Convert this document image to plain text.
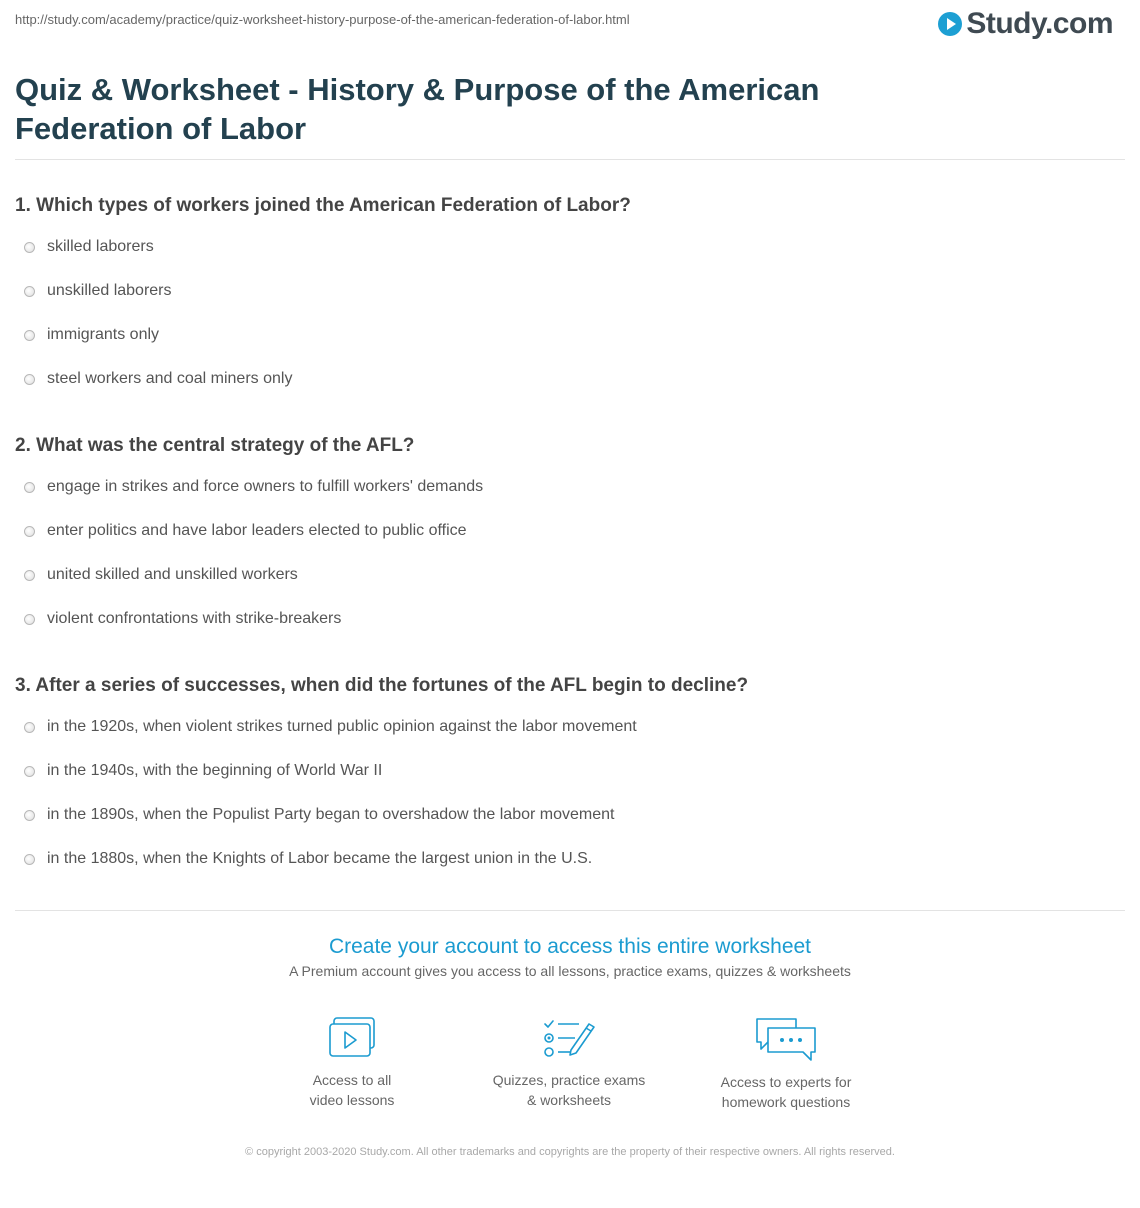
http://study.com/academy/practice/quiz-worksheet-history-purpose-of-the-american-federation-of-labor.html	Study.com
Quiz & Worksheet - History & Purpose of the American Federation of Labor
1. Which types of workers joined the American Federation of Labor?
skilled laborers
unskilled laborers
immigrants only
steel workers and coal miners only
2. What was the central strategy of the AFL?
engage in strikes and force owners to fulfill workers' demands
enter politics and have labor leaders elected to public office
united skilled and unskilled workers
violent confrontations with strike-breakers
3. After a series of successes, when did the fortunes of the AFL begin to decline?
in the 1920s, when violent strikes turned public opinion against the labor movement
in the 1940s, with the beginning of World War II
in the 1890s, when the Populist Party began to overshadow the labor movement
in the 1880s, when the Knights of Labor became the largest union in the U.S.
Create your account to access this entire worksheet
A Premium account gives you access to all lessons, practice exams, quizzes & worksheets
Access to all
video lessons
Quizzes, practice exams
& worksheets
Access to experts for
homework questions
© copyright 2003-2020 Study.com. All other trademarks and copyrights are the property of their respective owners. All rights reserved.
